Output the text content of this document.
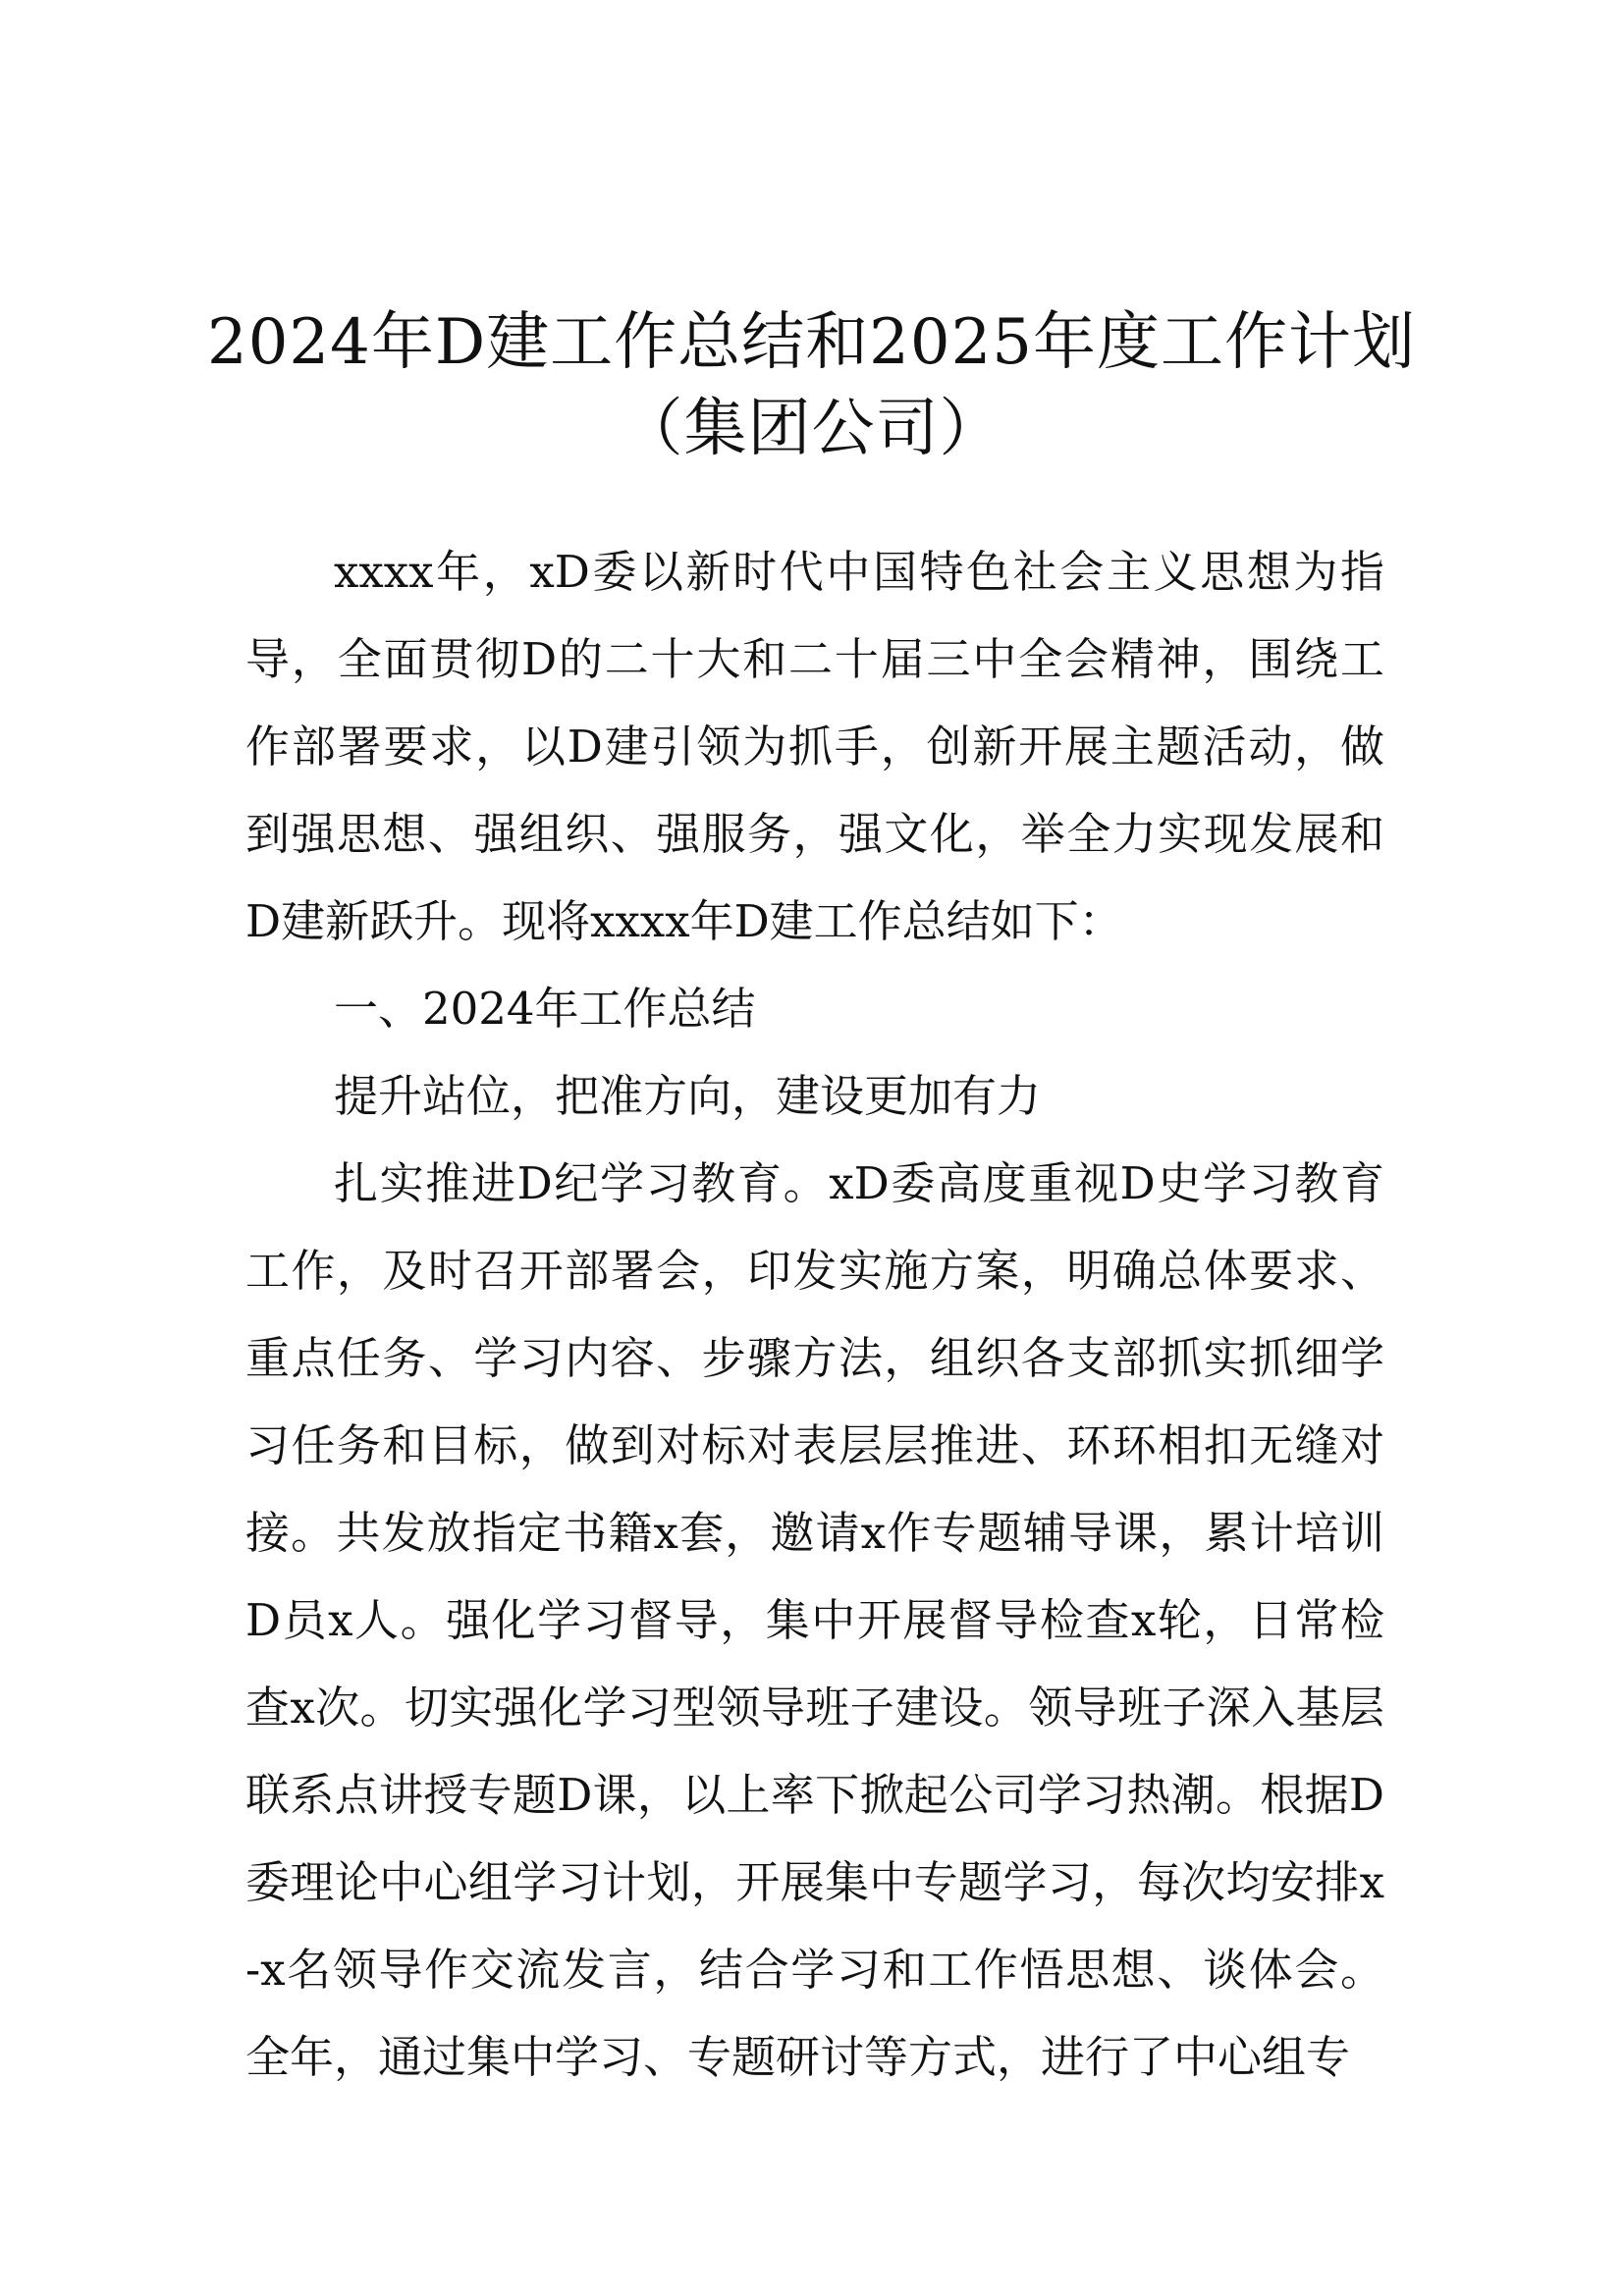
2024年D建工作总结和2025年度工作计划
（集团公司）

xxxx年，xD委以新时代中国特色社会主义思想为指导，全面贯彻D的二十大和二十届三中全会精神，围绕工作部署要求，以D建引领为抓手，创新开展主题活动，做到强思想、强组织、强服务，强文化，举全力实现发展和D建新跃升。现将xxxx年D建工作总结如下：

一、2024年工作总结

提升站位，把准方向，建设更加有力

扎实推进D纪学习教育。xD委高度重视D史学习教育工作，及时召开部署会，印发实施方案，明确总体要求、重点任务、学习内容、步骤方法，组织各支部抓实抓细学习任务和目标，做到对标对表层层推进、环环相扣无缝对接。共发放指定书籍x套，邀请x作专题辅导课，累计培训D员x人。强化学习督导，集中开展督导检查x轮，日常检查x次。切实强化学习型领导班子建设。领导班子深入基层联系点讲授专题D课，以上率下掀起公司学习热潮。根据D委理论中心组学习计划，开展集中专题学习，每次均安排x-x名领导作交流发言，结合学习和工作悟思想、谈体会。全年，通过集中学习、专题研讨等方式，进行了中心组专
